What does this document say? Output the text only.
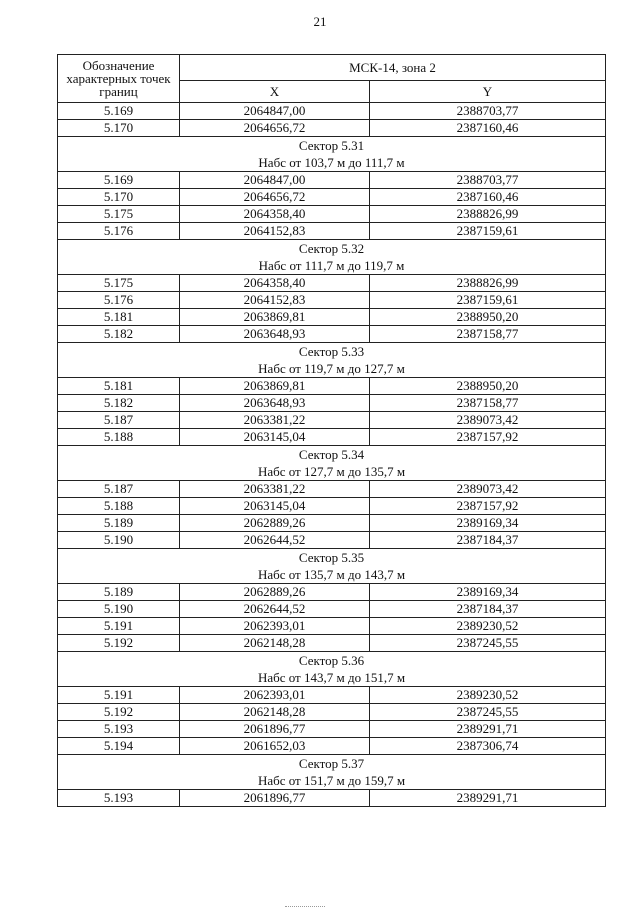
21
Обозначение характерных точек границ	МСК-14, зона 2	
	X	Y
5.169	2064847,00	2388703,77
5.170	2064656,72	2387160,46

Сектор 5.31
Набс от 103,7 м до 111,7 м		

5.169	2064847,00	2388703,77
5.170	2064656,72	2387160,46
5.175	2064358,40	2388826,99
5.176	2064152,83	2387159,61

Сектор 5.32
Набс от 111,7 м до 119,7 м		

5.175	2064358,40	2388826,99
5.176	2064152,83	2387159,61
5.181	2063869,81	2388950,20
5.182	2063648,93	2387158,77

Сектор 5.33
Набс от 119,7 м до 127,7 м		

5.181	2063869,81	2388950,20
5.182	2063648,93	2387158,77
5.187	2063381,22	2389073,42
5.188	2063145,04	2387157,92

Сектор 5.34
Набс от 127,7 м до 135,7 м		

5.187	2063381,22	2389073,42
5.188	2063145,04	2387157,92
5.189	2062889,26	2389169,34
5.190	2062644,52	2387184,37

Сектор 5.35
Набс от 135,7 м до 143,7 м		

5.189	2062889,26	2389169,34
5.190	2062644,52	2387184,37
5.191	2062393,01	2389230,52
5.192	2062148,28	2387245,55

Сектор 5.36
Набс от 143,7 м до 151,7 м		

5.191	2062393,01	2389230,52
5.192	2062148,28	2387245,55
5.193	2061896,77	2389291,71
5.194	2061652,03	2387306,74

Сектор 5.37
Набс от 151,7 м до 159,7 м		

5.193	2061896,77	2389291,71
